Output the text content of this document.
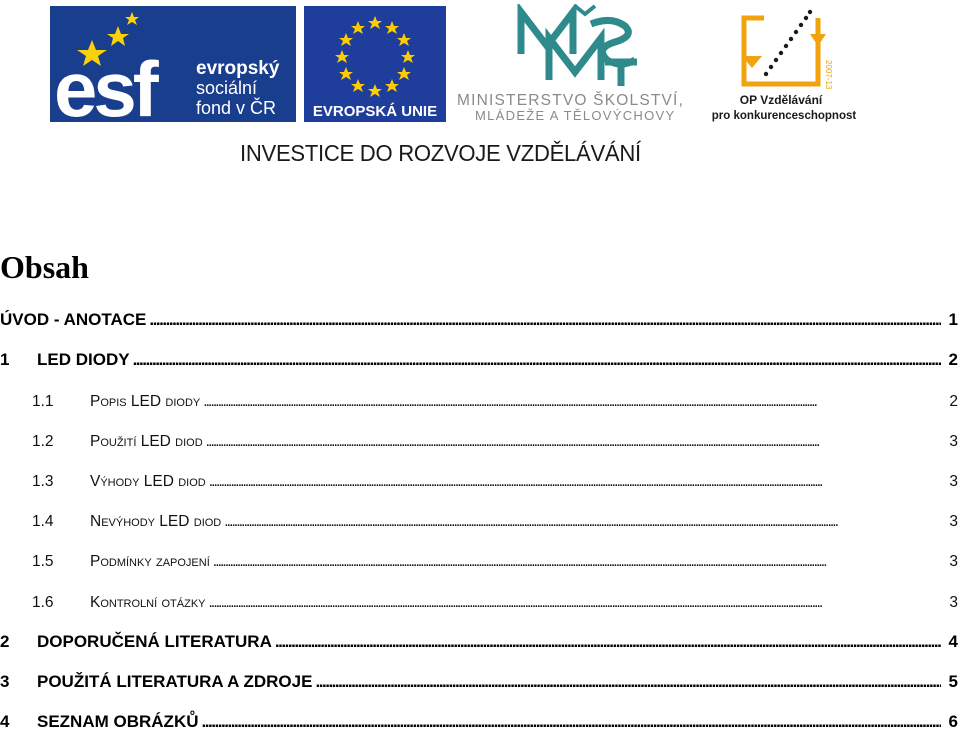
esf evropský
sociální
fond v ČR EVROPSKÁ UNIE
MINISTERSTVO ŠKOLSTVÍ,
MLÁDEŽE A TĚLOVÝCHOVY
2007-13
OP Vzdělávání
pro konkurenceschopnost
INVESTICE DO ROZVOJE VZDĚLÁVÁNÍ
Obsah
ÚVOD - ANOTACE . . .	1
1	LED DIODY . . .	2
1.1	Popis LED diody . . .	2
1.2	Použití LED diod . . .	3
1.3	Výhody LED diod . . .	3
1.4	Nevýhody LED diod . . .	3
1.5	Podmínky zapojení . . .	3
1.6	Kontrolní otázky . . .	3
2	DOPORUČENÁ LITERATURA . . .	4
3	POUŽITÁ LITERATURA A ZDROJE . . .	5
4	SEZNAM OBRÁZKŮ . . .	6
